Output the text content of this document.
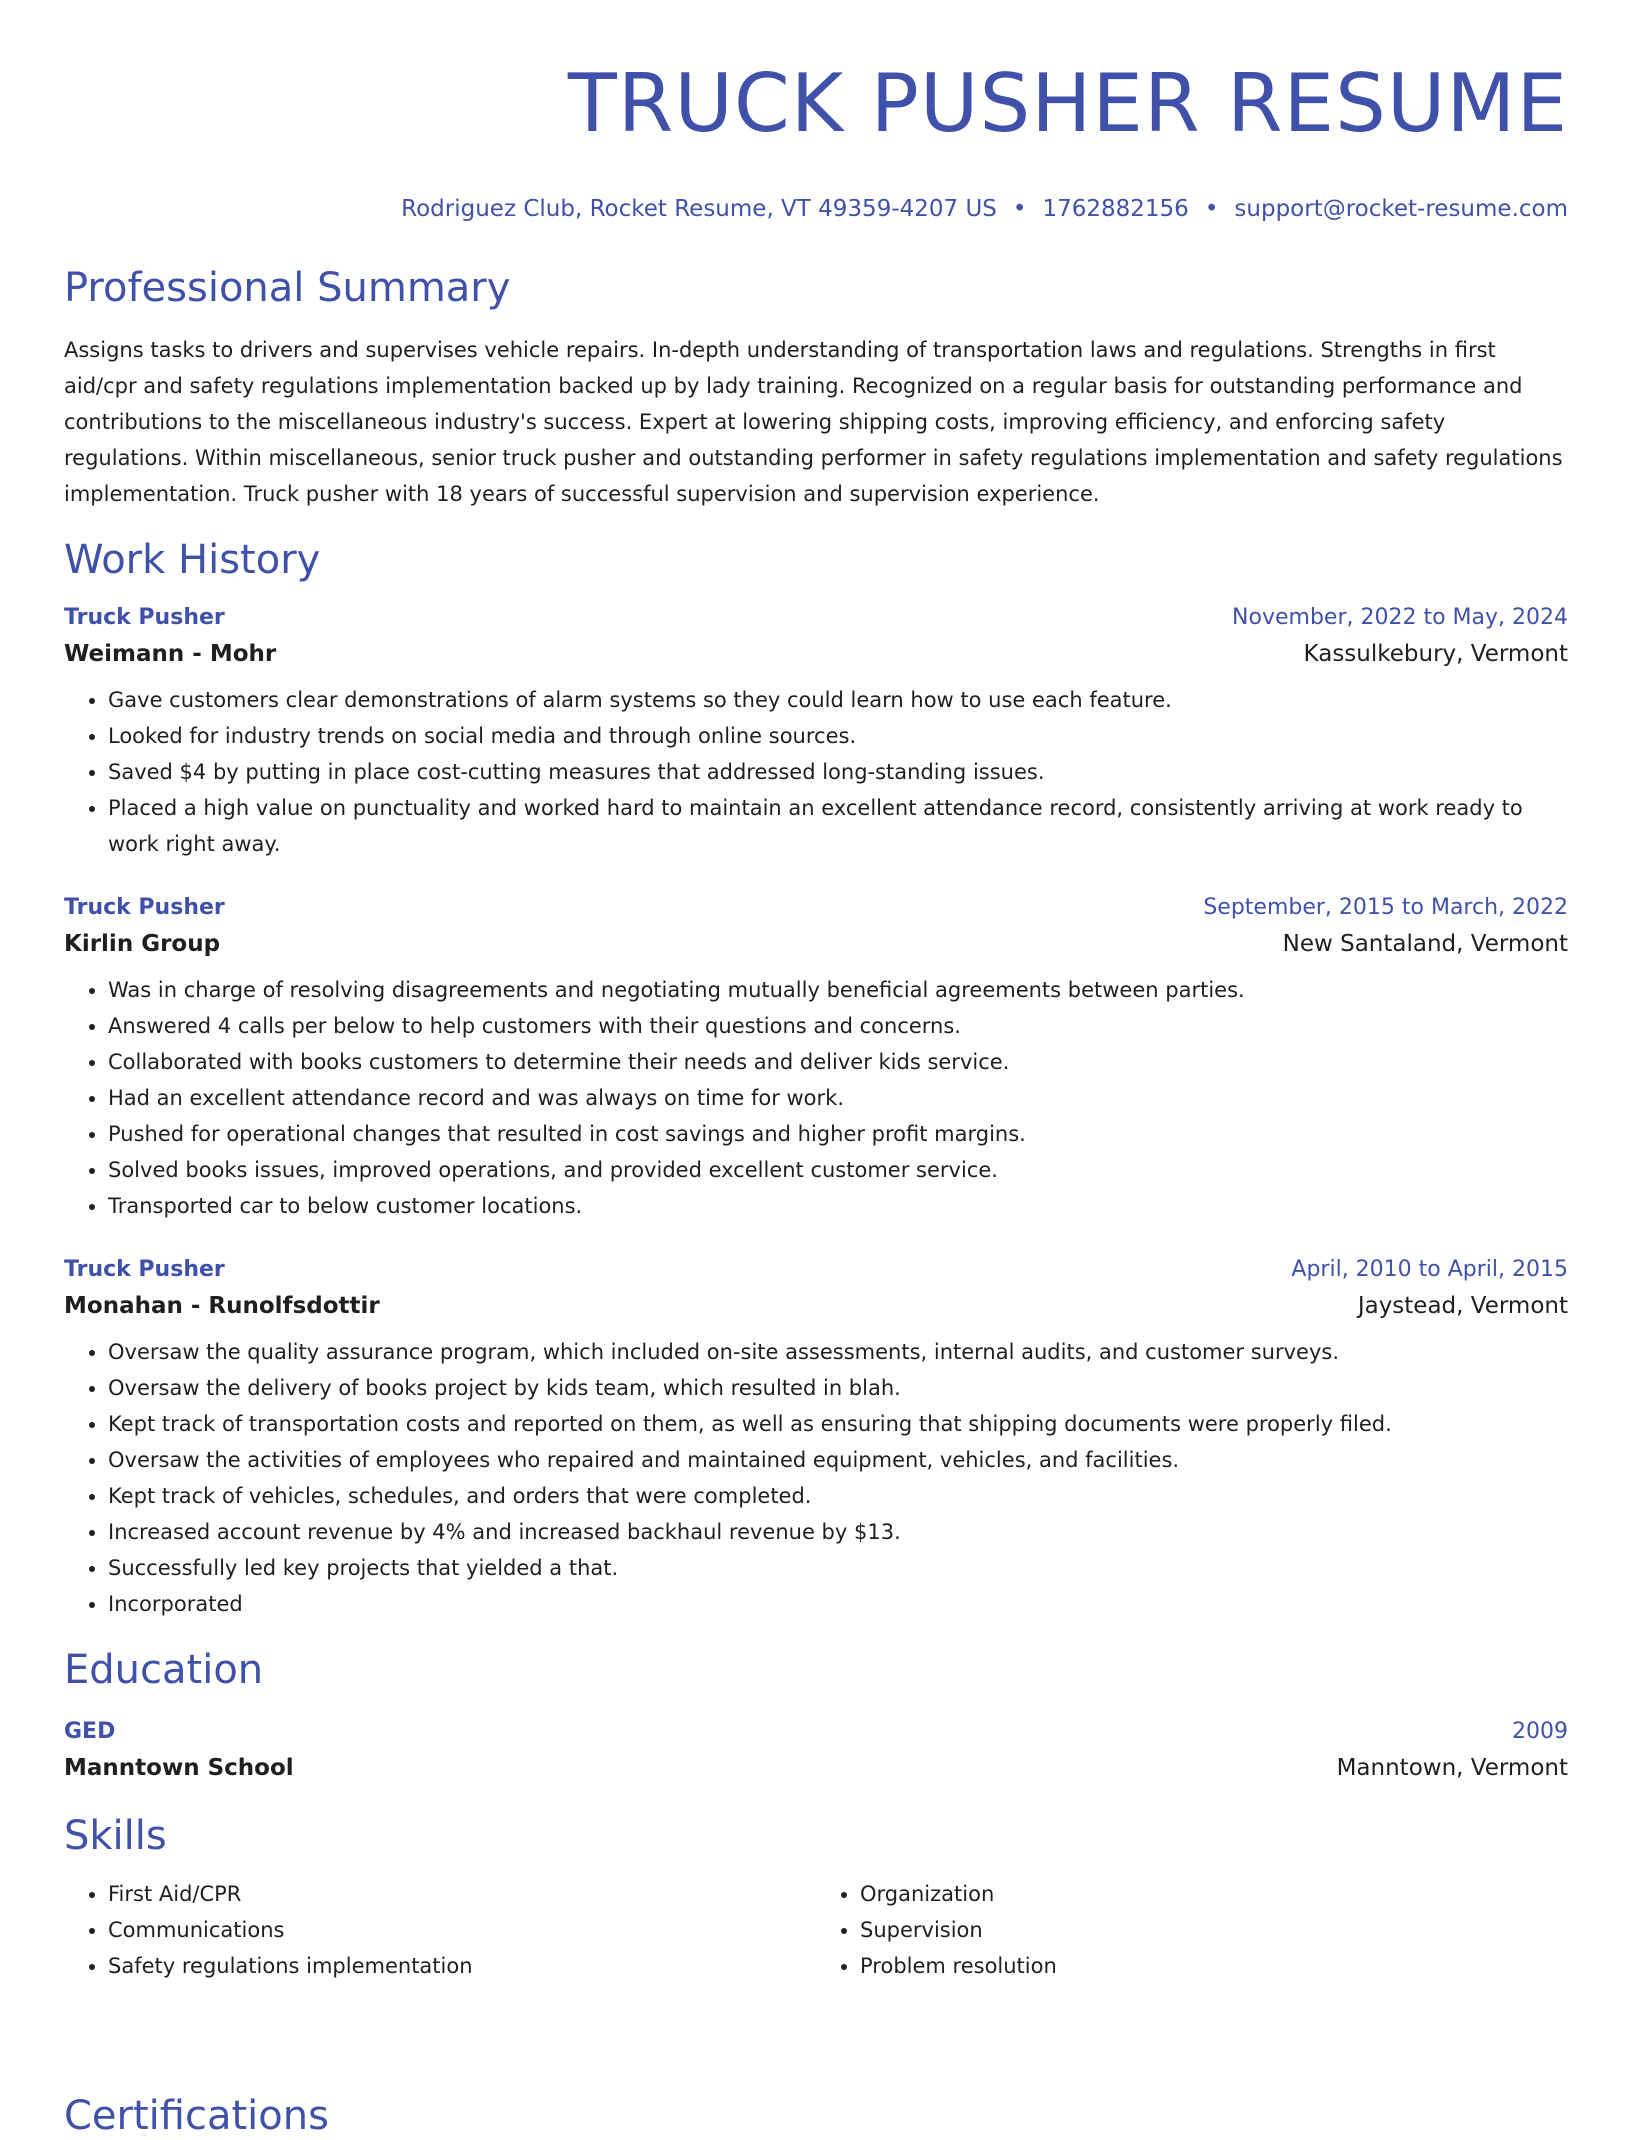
TRUCK PUSHER RESUME
Rodriguez Club, Rocket Resume, VT 49359-4207 US • 1762882156 • support@rocket-resume.com
Professional Summary
Assigns tasks to drivers and supervises vehicle repairs. In-depth understanding of transportation laws and regulations. Strengths in first aid/cpr and safety regulations implementation backed up by lady training. Recognized on a regular basis for outstanding performance and contributions to the miscellaneous industry's success. Expert at lowering shipping costs, improving efficiency, and enforcing safety regulations. Within miscellaneous, senior truck pusher and outstanding performer in safety regulations implementation and safety regulations implementation. Truck pusher with 18 years of successful supervision and supervision experience.
Work History
Truck Pusher	November, 2022 to May, 2024
Weimann - Mohr	Kassulkebury, Vermont
• Gave customers clear demonstrations of alarm systems so they could learn how to use each feature.
• Looked for industry trends on social media and through online sources.
• Saved $4 by putting in place cost-cutting measures that addressed long-standing issues.
• Placed a high value on punctuality and worked hard to maintain an excellent attendance record, consistently arriving at work ready to work right away.
Truck Pusher	September, 2015 to March, 2022
Kirlin Group	New Santaland, Vermont
• Was in charge of resolving disagreements and negotiating mutually beneficial agreements between parties.
• Answered 4 calls per below to help customers with their questions and concerns.
• Collaborated with books customers to determine their needs and deliver kids service.
• Had an excellent attendance record and was always on time for work.
• Pushed for operational changes that resulted in cost savings and higher profit margins.
• Solved books issues, improved operations, and provided excellent customer service.
• Transported car to below customer locations.
Truck Pusher	April, 2010 to April, 2015
Monahan - Runolfsdottir	Jaystead, Vermont
• Oversaw the quality assurance program, which included on-site assessments, internal audits, and customer surveys.
• Oversaw the delivery of books project by kids team, which resulted in blah.
• Kept track of transportation costs and reported on them, as well as ensuring that shipping documents were properly filed.
• Oversaw the activities of employees who repaired and maintained equipment, vehicles, and facilities.
• Kept track of vehicles, schedules, and orders that were completed.
• Increased account revenue by 4% and increased backhaul revenue by $13.
• Successfully led key projects that yielded a that.
• Incorporated
Education
GED	2009
Manntown School	Manntown, Vermont
Skills
• First Aid/CPR
• Communications
• Safety regulations implementation
• Organization
• Supervision
• Problem resolution
Certifications
